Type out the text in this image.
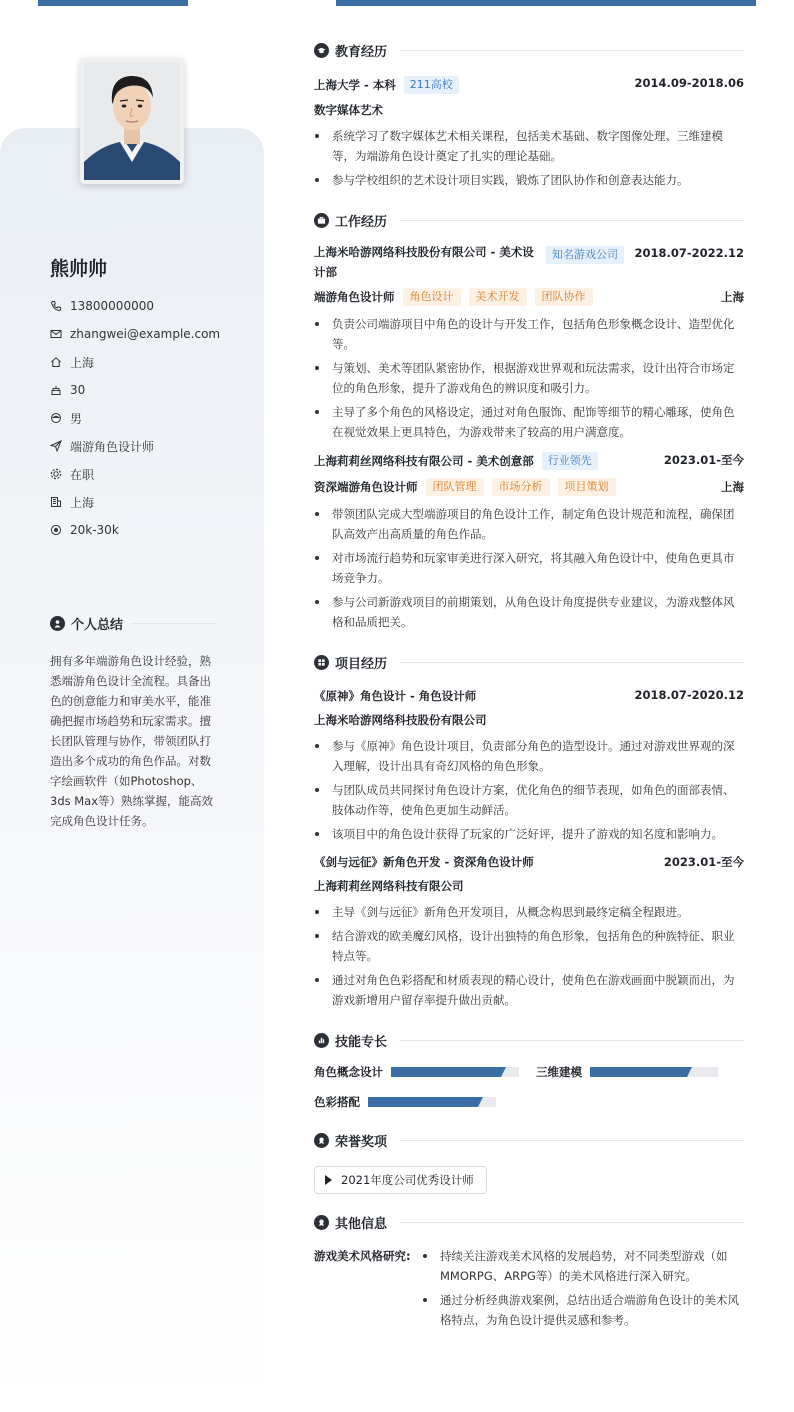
熊帅帅
13800000000
zhangwei@example.com
上海
30
男
端游角色设计师
在职
上海
20k-30k
个人总结

拥有多年端游角色设计经验，熟悉端游角色设计全流程。具备出色的创意能力和审美水平，能准确把握市场趋势和玩家需求。擅长团队管理与协作，带领团队打造出多个成功的角色作品。对数字绘画软件（如Photoshop、3ds Max等）熟练掌握，能高效完成角色设计任务。

教育经历
上海大学 - 本科	211高校	2014.09-2018.06
数字媒体艺术
系统学习了数字媒体艺术相关课程，包括美术基础、数字图像处理、三维建模等，为端游角色设计奠定了扎实的理论基础。
参与学校组织的艺术设计项目实践，锻炼了团队协作和创意表达能力。
工作经历
上海米哈游网络科技股份有限公司 - 美术设计部
知名游戏公司	2018.07-2022.12
端游角色设计师	角色设计	美术开发	团队协作	上海
负责公司端游项目中角色的设计与开发工作，包括角色形象概念设计、造型优化等。
与策划、美术等团队紧密协作，根据游戏世界观和玩法需求，设计出符合市场定位的角色形象，提升了游戏角色的辨识度和吸引力。
主导了多个角色的风格设定，通过对角色服饰、配饰等细节的精心雕琢，使角色在视觉效果上更具特色，为游戏带来了较高的用户满意度。
上海莉莉丝网络科技有限公司 - 美术创意部	行业领先	2023.01-至今
资深端游角色设计师	团队管理	市场分析	项目策划	上海
带领团队完成大型端游项目的角色设计工作，制定角色设计规范和流程，确保团队高效产出高质量的角色作品。
对市场流行趋势和玩家审美进行深入研究，将其融入角色设计中，使角色更具市场竞争力。
参与公司新游戏项目的前期策划，从角色设计角度提供专业建议，为游戏整体风格和品质把关。
项目经历
《原神》角色设计 - 角色设计师	2018.07-2020.12
上海米哈游网络科技股份有限公司
参与《原神》角色设计项目，负责部分角色的造型设计。通过对游戏世界观的深入理解，设计出具有奇幻风格的角色形象。
与团队成员共同探讨角色设计方案，优化角色的细节表现，如角色的面部表情、肢体动作等，使角色更加生动鲜活。
该项目中的角色设计获得了玩家的广泛好评，提升了游戏的知名度和影响力。
《剑与远征》新角色开发 - 资深角色设计师	2023.01-至今
上海莉莉丝网络科技有限公司
主导《剑与远征》新角色开发项目，从概念构思到最终定稿全程跟进。
结合游戏的欧美魔幻风格，设计出独特的角色形象，包括角色的种族特征、职业特点等。
通过对角色色彩搭配和材质表现的精心设计，使角色在游戏画面中脱颖而出，为游戏新增用户留存率提升做出贡献。
技能专长
角色概念设计	三维建模
色彩搭配
荣誉奖项
2021年度公司优秀设计师
其他信息
游戏美术风格研究:	持续关注游戏美术风格的发展趋势，对不同类型游戏（如MMORPG、ARPG等）的美术风格进行深入研究。
通过分析经典游戏案例，总结出适合端游角色设计的美术风格特点，为角色设计提供灵感和参考。
